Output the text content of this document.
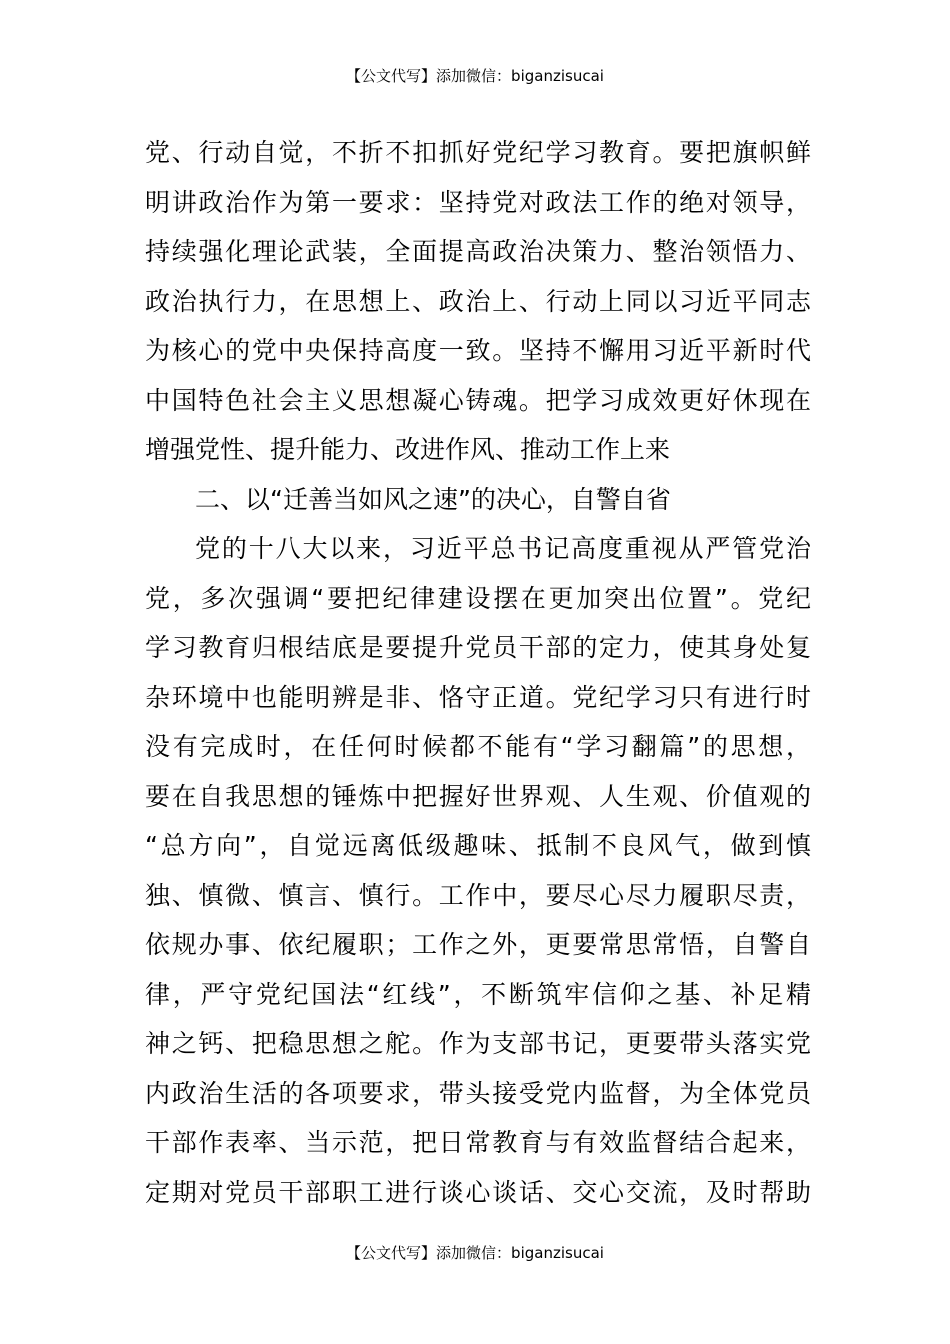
【公文代写】添加微信：biganzisucai
党、行动自觉，不折不扣抓好党纪学习教育。要把旗帜鲜
明讲政治作为第一要求：坚持党对政法工作的绝对领导，
持续强化理论武装，全面提高政治决策力、整治领悟力、
政治执行力，在思想上、政治上、行动上同以习近平同志
为核心的党中央保持高度一致。坚持不懈用习近平新时代
中国特色社会主义思想凝心铸魂。把学习成效更好休现在
增强党性、提升能力、改进作风、推动工作上来
二、以“迁善当如风之速”的决心，自警自省
党的十八大以来，习近平总书记高度重视从严管党治
党，多次强调“要把纪律建设摆在更加突出位置”。党纪
学习教育归根结底是要提升党员干部的定力，使其身处复
杂环境中也能明辨是非、恪守正道。党纪学习只有进行时
没有完成时，在任何时候都不能有“学习翻篇”的思想，
要在自我思想的锤炼中把握好世界观、人生观、价值观的
“总方向”，自觉远离低级趣味、抵制不良风气，做到慎
独、慎微、慎言、慎行。工作中，要尽心尽力履职尽责，
依规办事、依纪履职；工作之外，更要常思常悟，自警自
律，严守党纪国法“红线”，不断筑牢信仰之基、补足精
神之钙、把稳思想之舵。作为支部书记，更要带头落实党
内政治生活的各项要求，带头接受党内监督，为全体党员
干部作表率、当示范，把日常教育与有效监督结合起来，
定期对党员干部职工进行谈心谈话、交心交流，及时帮助
【公文代写】添加微信：biganzisucai
